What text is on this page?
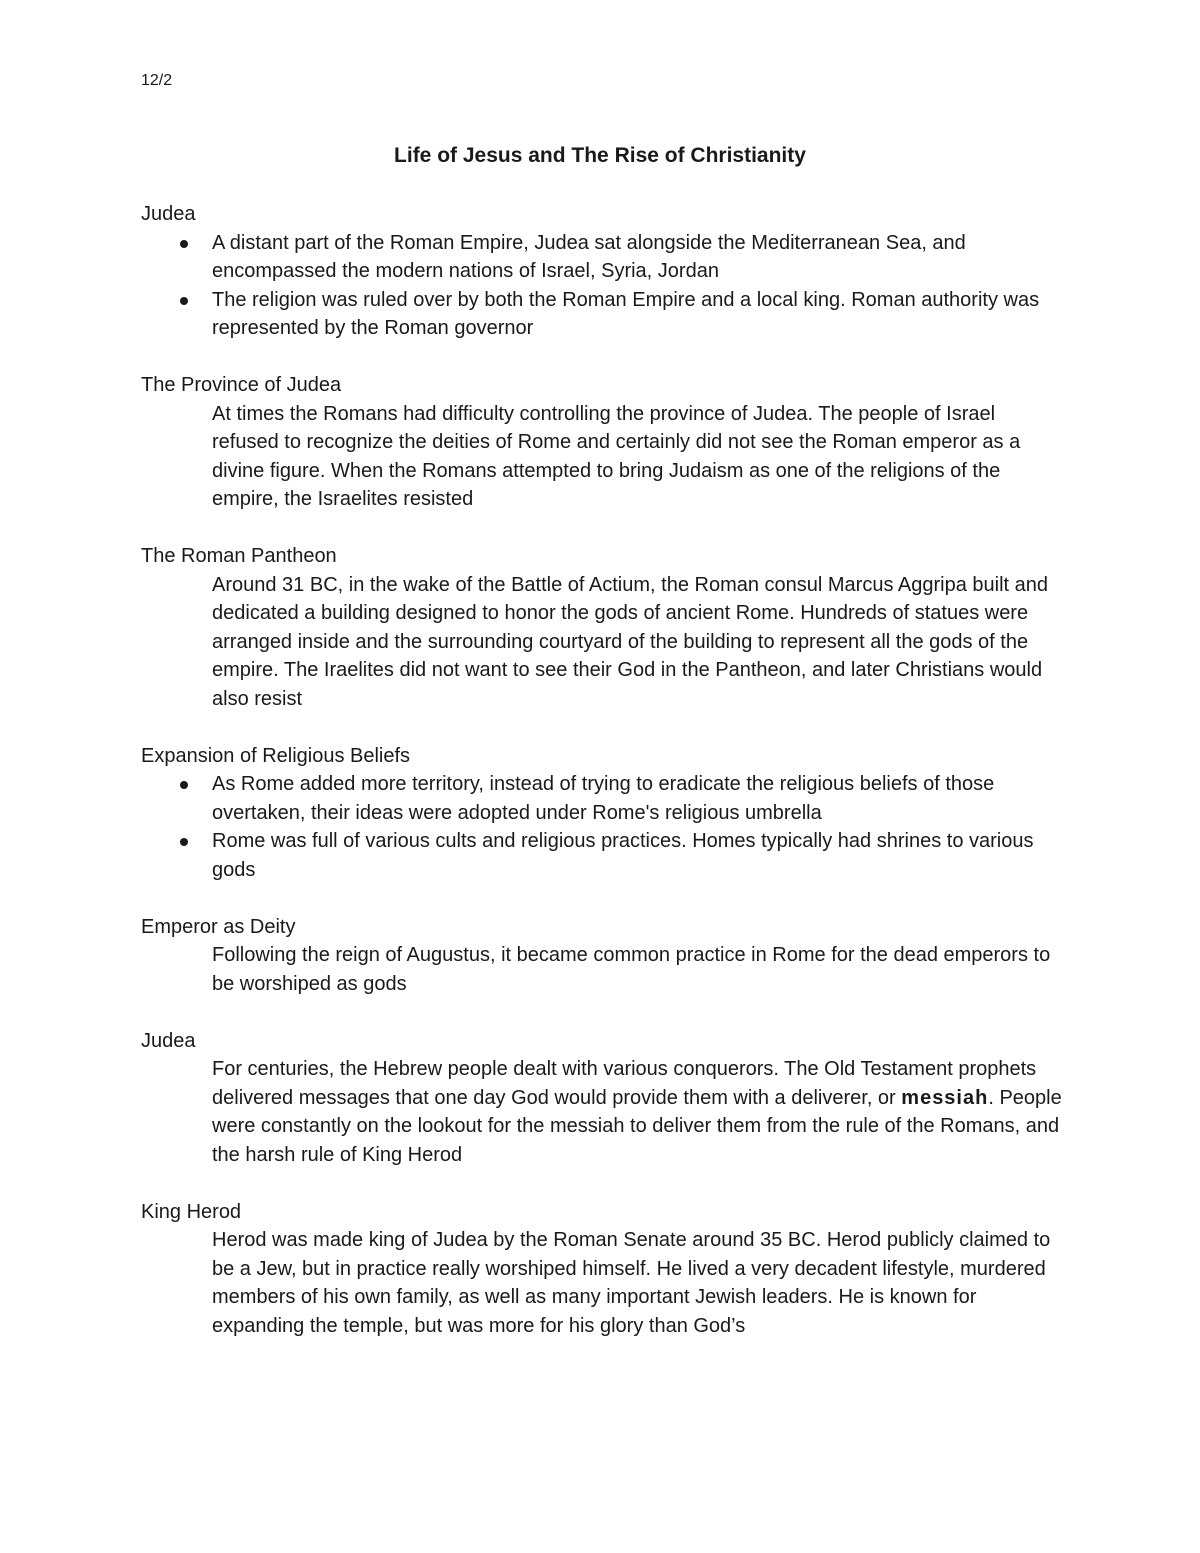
12/2
Life of Jesus and The Rise of Christianity

Judea

A distant part of the Roman Empire, Judea sat alongside the Mediterranean Sea, and encompassed the modern nations of Israel, Syria, Jordan
The religion was ruled over by both the Roman Empire and a local king. Roman authority was represented by the Roman governor

The Province of Judea

At times the Romans had difficulty controlling the province of Judea. The people of Israel refused to recognize the deities of Rome and certainly did not see the Roman emperor as a divine figure. When the Romans attempted to bring Judaism as one of the religions of the empire, the Israelites resisted

The Roman Pantheon

Around 31 BC, in the wake of the Battle of Actium, the Roman consul Marcus Aggripa built and dedicated a building designed to honor the gods of ancient Rome. Hundreds of statues were arranged inside and the surrounding courtyard of the building to represent all the gods of the empire. The Iraelites did not want to see their God in the Pantheon, and later Christians would also resist

Expansion of Religious Beliefs

As Rome added more territory, instead of trying to eradicate the religious beliefs of those overtaken, their ideas were adopted under Rome's religious umbrella
Rome was full of various cults and religious practices. Homes typically had shrines to various gods

Emperor as Deity

Following the reign of Augustus, it became common practice in Rome for the dead emperors to be worshiped as gods

Judea

For centuries, the Hebrew people dealt with various conquerors. The Old Testament prophets delivered messages that one day God would provide them with a deliverer, or messiah. People were constantly on the lookout for the messiah to deliver them from the rule of the Romans, and the harsh rule of King Herod

King Herod

Herod was made king of Judea by the Roman Senate around 35 BC. Herod publicly claimed to be a Jew, but in practice really worshiped himself. He lived a very decadent lifestyle, murdered members of his own family, as well as many important Jewish leaders. He is known for expanding the temple, but was more for his glory than God’s
